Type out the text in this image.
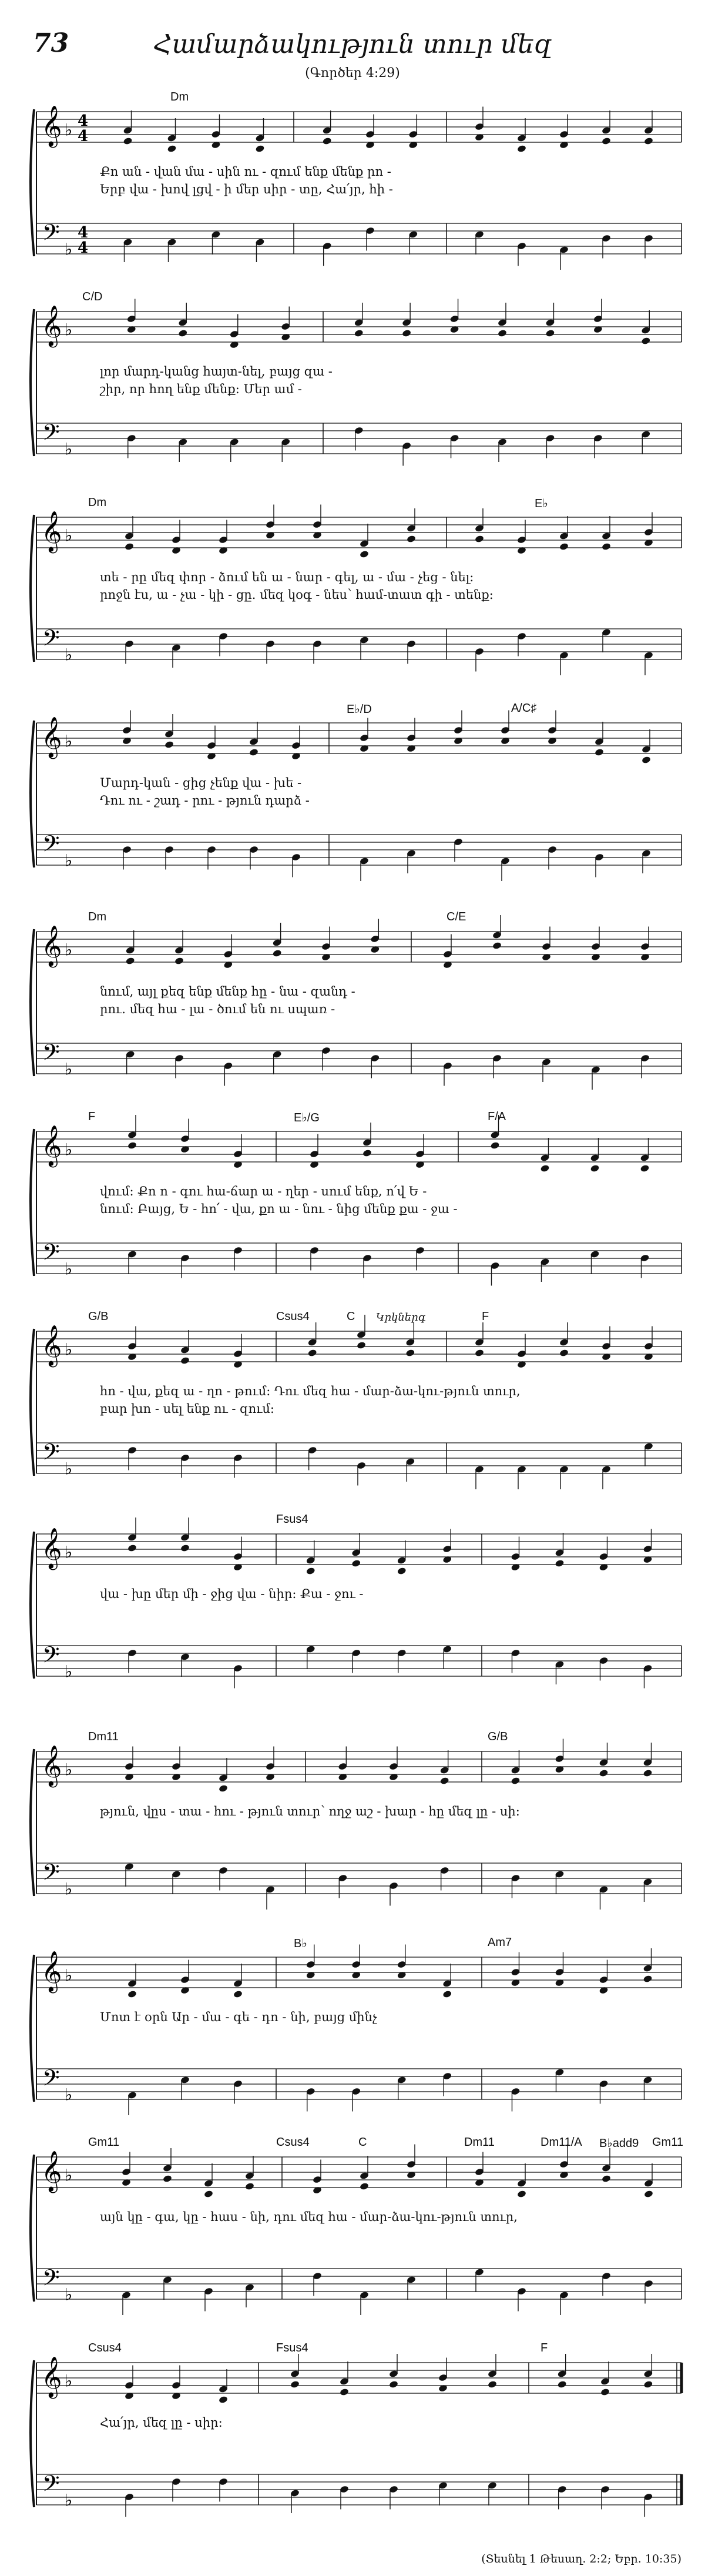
73	Համարձակություն տուր մեզ
(Գործեր 4:29)
𝄞
𝄢
♭
♭
4
4
4
4
Dm
Քո ան - վան մա - սին ու - զում ենք մենք րո -
Երբ վա - խով լցվ - ի մեր սիր - տը, Հա՛յր, հի -
𝄞
𝄢
♭
♭
C/D
լոր մարդ-կանց հայտ-նել, բայց զա -
շիր, որ հող ենք մենք: Մեր ամ -
𝄞
𝄢
♭
♭
Dm	E♭
տե - րը մեզ փոր - ձում են ա - նար - գել, ա - մա - չեց - նել:
րոջն էս, ա - չա - կի - ցը. մեզ կօգ - նես՝ համ-տատ գի - տենք:
𝄞
𝄢
♭
♭
E♭/D	A/C♯
Մարդ-կան - ցից չենք վա - խե -
Դու ու - շադ - րու - թյուն դարձ -
𝄞
𝄢
♭
♭
Dm	C/E
նում, այլ քեզ ենք մենք հը - նա - զանդ -
րու. մեզ հա - լա - ծում են ու սպառ -
𝄞
𝄢
♭
♭
F	E♭/G	F/A
վում: Քո ո - գու հա-ճար ա - ղեր - սում ենք, ո՛վ Ե -
նում: Բայց, Ե - հո՛ - վա, քո ա - նու - նից մենք քա - ջա -
𝄞
𝄢
♭
♭
G/B	Csus4	C	F
Կրկներգ
հո - վա, քեզ ա - ղո - թում: Դու մեզ հա - մար-ձա-կու-թյուն տուր,
բար խո - սել ենք ու - զում:
𝄞
𝄢
♭
♭
Fsus4
վա - խը մեր մի - ջից վա - նիր: Քա - ջու -
𝄞
𝄢
♭
♭
Dm11	G/B
թյուն, վըս - տա - հու - թյուն տուր՝ ողջ աշ - խար - հը մեզ լը - սի:
𝄞
𝄢
♭
♭
B♭	Am7
Մոտ է օրն Ար - մա - գե - դո - նի, բայց մինչ
𝄞
𝄢
♭
♭
Gm11	Csus4	C	Dm11	Dm11/A B♭add9 Gm11
այն կը - գա, կը - հաս - նի, դու մեզ հա - մար-ձա-կու-թյուն տուր,
𝄞
𝄢
♭
♭
Csus4	Fsus4	F
Հա՛յր, մեզ լը - սիր:
(Տեսնել 1 Թեսաղ. 2:2; Եբր. 10:35)
